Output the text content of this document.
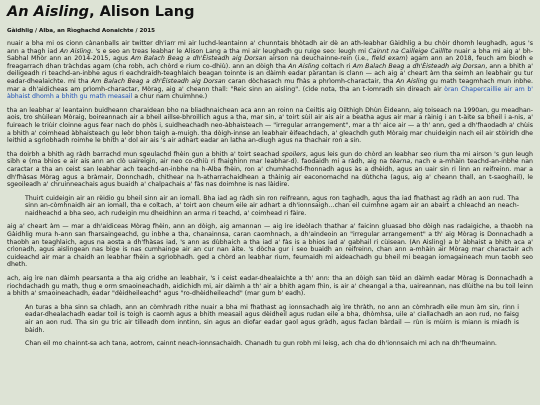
An Aisling, Alison Lang
Gàidhlig / Alba, an Rìoghachd Aonaichte / 2015

nuair a bha mi os cionn cànanballs air twitter dh'iarr mi air luchd-leantainn a' chunntais bhòtadh air dè an ath-leabhar Gàidhlig a bu chòir dhomh leughadh, agus 's ann a thagh iad An Aisling. 's e seo an treas leabhar le Alison Lang a tha mi air leughadh gu ruige seo: leugh mi Cainnt na Cailleige Cailllte nuair a bha mi aig a' bh-Sabhal Mhòr ann an 2014-2015, agus Am Balach Beag a dh'Èisteadh aig Dorsan airson na deuchainne-rein (i.e., field exam) agam ann an 2018, feuch am biodh e freagarrach dhan tràchdas agam (cha robh, ach chòrd e rium co-dhiù). ann an dòigh tha An Aisling coltach ri Am Balach Beag a dh'Èisteadh aig Dorsan, ann a bhith a' deiligeadh ri teachd-an-inbhe agus ri eachdraidh-teaghlaich beagan toinnte is an dàimh eadar pàrantan is clann — ach aig a' cheart àm tha seimh an leabhair gu tur eadar-dhealaichte. mi tha Am Balach Beag a dh'Èisteadh aig Dorsan caran dòchasach mu fhàs a phrìomh-charactair, tha An Aisling gu math teagmhach mun inbhe. mar a dh'aidicheas am prìomh-charactar, Mòrag, aig a' cheann thall: "Reic sinn an aisling". (cìde nota, tha an t-iomradh sin direach air òran Chapercaillie air am b' àbhaist dhomh a bhith gu math measail a chur nam chuimhne.)

tha an leabhar a' leantainn buidheann charaidean bho na bliadhnaichean aca ann an roinn na Ceiltis aig Oilthigh Dhùn Èideann, aig toiseach na 1990an, gu meadhan-aois, tro shùilean Mòraig, boireannach air a bheil aillse-bhroillich agus a tha, mar sin, a' toirt sùil air ais air a beatha agus air mar a ràinig i an t-àite sa bheil i a-nis, a' fuireach le triùir cloinne agus fear nach do phòs i, suidheachadh neo-àbhaisteach — "irregular arrangement", mar a th' aice air — a th' ann, ged a dh'fhaodadh a' chùis a bhith a' coimhead àbhaisteach gu leòr bhon taigh a-muigh. tha dòigh-innse an leabhair èifeachdach, a' gleachdh guth Mòraig mar chuideigin nach eil air stòiridh dhe leithid a sgrìobhadh roimhe le bhith a' dol air ais 's air adhart eadar an latha an-diugh agus na thachair ron a sin.

tha doirbh a bhith ag ràdh barrachd mun sgeulachd fhèin gun a bhith a' toirt seachad spoilers, agus leis gun do chòrd an leabhar seo rium tha mi airson 's gun leugh sibh e (ma bhios e air ais ann an clò uaireigin, air neo co-dhiù ri fhaighinn mar leabhar-d). faodaidh mi a ràdh, aig na tèarna, nach e a-mhàin teachd-an-inbhe nan caractar a tha an ceist san leabhar ach teachd-an-inbhe na h-Alba fhèin, ron a' chumhachd-fhonnadh agus às a dhèidh, agus an uair sin ri linn an reifreinn. mar a dh'fhàsas Mòrag agus a bràmair, Donnchadh, chithear na h-atharrachaidhean a thàinig air eaconomachd na dùthcha (agus, aig a' cheann thall, an t-saoghail), le sgeoileadh a' chruinneachais agus buaidh a' chalpachais a' fàs nas doimhne is nas làidire.

Thuirt cuideigin air an rèidio gu bheil sinn air an iomall. Bha iad ag ràdh sin ron reifreann, agus ron taghadh, agus tha iad fhathast ag ràdh an aon rud. Tha sinn an-còmhnaidh air an iomall, tha e coltach, a' toirt aon cheum eile air adhart a dh'ionnsaigh…chan eil cuimhne agam air an abairt a chleachd an neach-naidheachd a bha seo, ach rudeigin mu dheidhinn an arma ri teachd, a' coimhead ri fàire.

aig a' cheart àm — mar a dh'aidiceas Mòrag fhèin, ann an dòigh, aig amannan — aig ìre ideòlach thathar a' faicinn gluasad bho dòigh nas radaigiche, a thaobh na Gàidhlig mura h-ann san fharsaingeachd, gu inbhe a tha, chanainnsa, caran caomhnach, a dh'aindeoin an "irregular arrangement" a th' aig Mòrag is Donnachadh a thaobh an teaghlaich, agus na aosta a dh'fhàsas iad, 's ann as dùbhaich a tha iad a' fàs is a bhios iad a' gabhail ri cùisean. (An Aisling) a b' àbhaist a bhith aca a' crìonadh, agus aislingean nas bige is nas cumhainge air an cur nan àite. 's dòcha gur i seo buaidh an reifreinn, chan ann a-mhàin air Mòrag mar charactair ach cuideachd air mar a chaidh an leabhar fhèin a sgrìobhadh. ged a chòrd an leabhar rium, feumaidh mi aideachadh gu bheil mi beagan iomagaineach mun taobh seo dheth.

ach, aig ìre nan dàimh pearsanta a tha aig cridhe an leabhair, 's i ceist eadar-dhealaichte a th' ann: tha an dòigh san tèid an dàimh eadar Mòrag is Donnachadh a riochdachadh gu math, thug e orm smaoineachadh, aidichidh mi, air dàimh a th' air a bhith agam fhìn, is air a' cheangal a tha, uaireannan, nas dlùithe na bu toil leinn a bhith a' smaoineachadh, eadar "dèidheileachd" agus "ro-dhèidheileachd" (mar gum b' eadh).

An turas a bha sinn sa chladh, ann an còmhradh rithe nuair a bha mi fhathast ag ionnsachadh aig ìre thràth, no ann an còmhradh eile mun àm sin, rinn i eadar-dhealachadh eadar toil is toigh is caomh agus a bhith measail agus dèidheil agus rudan eile a bha, dhòmhsa, uile a' ciallachadh an aon rud, no faisg air an aon rud. Tha sin gu tric air tilleadh dom inntinn, sin agus an diofar eadar gaol agus gràdh, agus faclan bàrdail — rùn is mùirn is miann is miadh is bàidh.

Chan eil mo chainnt-sa ach tana, aotrom, cainnt neach-ionnsachaidh. Chanadh tu gun robh mi leisg, ach cha do dh'ionnsaich mi ach na dh'fheumainn.
